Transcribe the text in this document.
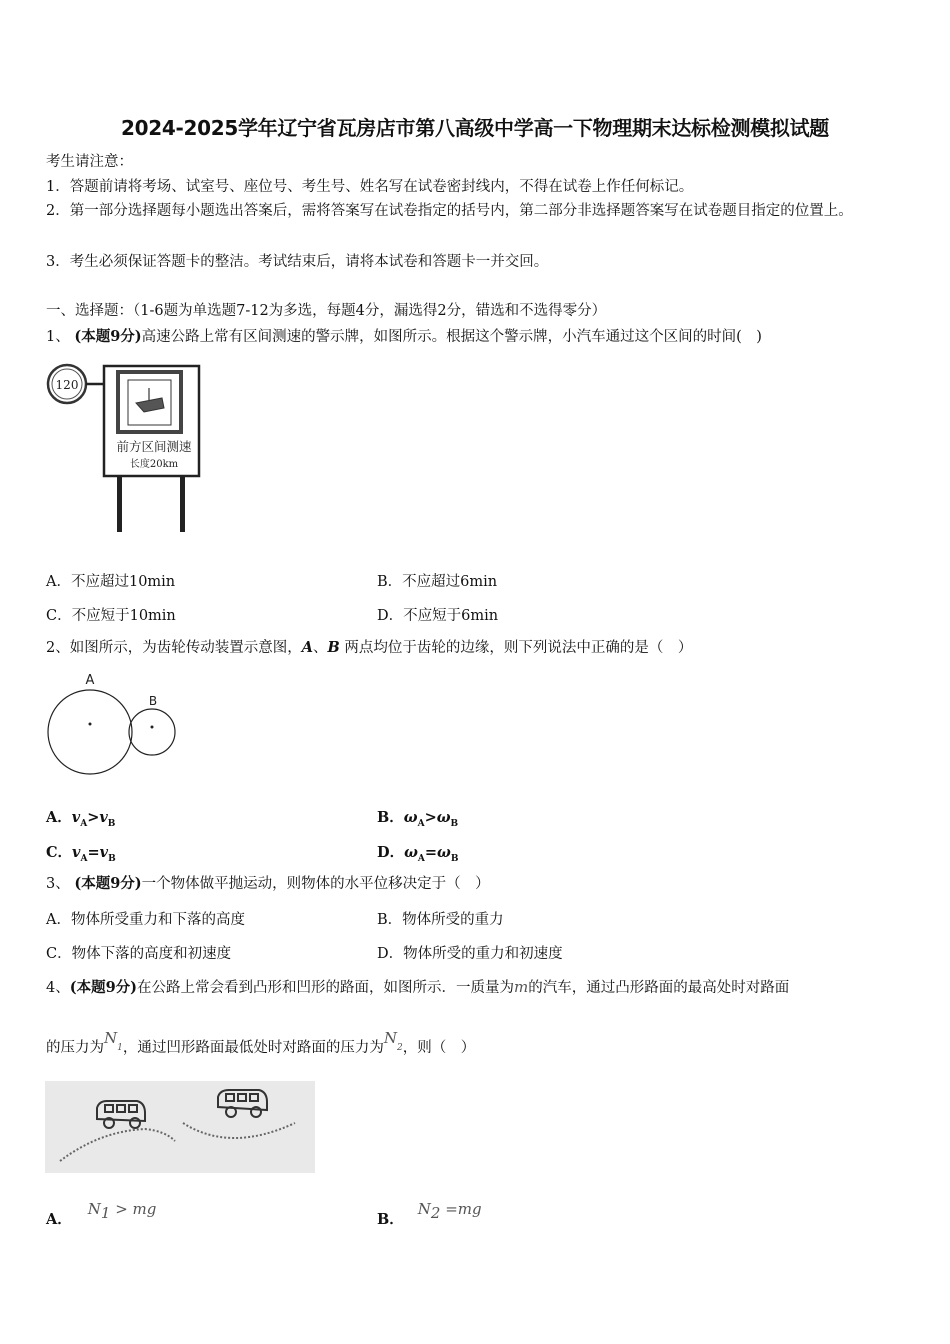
2024-2025学年辽宁省瓦房店市第八高级中学高一下物理期末达标检测模拟试题
考生请注意：
1．答题前请将考场、试室号、座位号、考生号、姓名写在试卷密封线内，不得在试卷上作任何标记。
2．第一部分选择题每小题选出答案后，需将答案写在试卷指定的括号内，第二部分非选择题答案写在试卷题目指定的位置上。
3．考生必须保证答题卡的整洁。考试结束后，请将本试卷和答题卡一并交回。
一、选择题：（1-6题为单选题7-12为多选，每题4分，漏选得2分，错选和不选得零分）
1、 (本题9分)高速公路上常有区间测速的警示牌，如图所示。根据这个警示牌，小汽车通过这个区间的时间(　)
120
前方区间测速
长度20km
A．不应超过10min	B．不应超过6min
C．不应短于10min	D．不应短于6min
2、如图所示，为齿轮传动装置示意图，A、B 两点均位于齿轮的边缘，则下列说法中正确的是（　）
A
B
A．$v_A>v_B$	B．$\omega_A>\omega_B$
C．$v_A=v_B$	D．$\omega_A=\omega_B$
3、 (本题9分)一个物体做平抛运动，则物体的水平位移决定于（　）
A．物体所受重力和下落的高度	B．物体所受的重力
C．物体下落的高度和初速度	D．物体所受的重力和初速度
4、(本题9分)在公路上常会看到凸形和凹形的路面，如图所示．一质量为m的汽车，通过凸形路面的最高处时对路面
的压力为$N_1$，通过凹形路面最低处时对路面的压力为$N_2$，则（　）
A．$N_1$ > mg
B．$N_2 =mg$
